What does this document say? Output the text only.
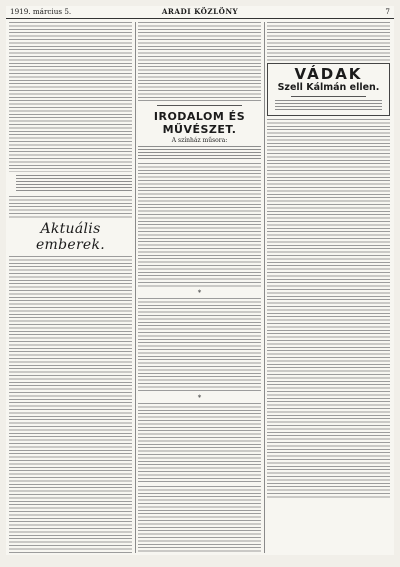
1919. március 5.	ARADI KÖZLÖNY	7
Aktuális emberek.
IRODALOM ÉS MŰVÉSZET.
A színház műsora:
*
*
VÁDAK
Szell Kálmán ellen.
